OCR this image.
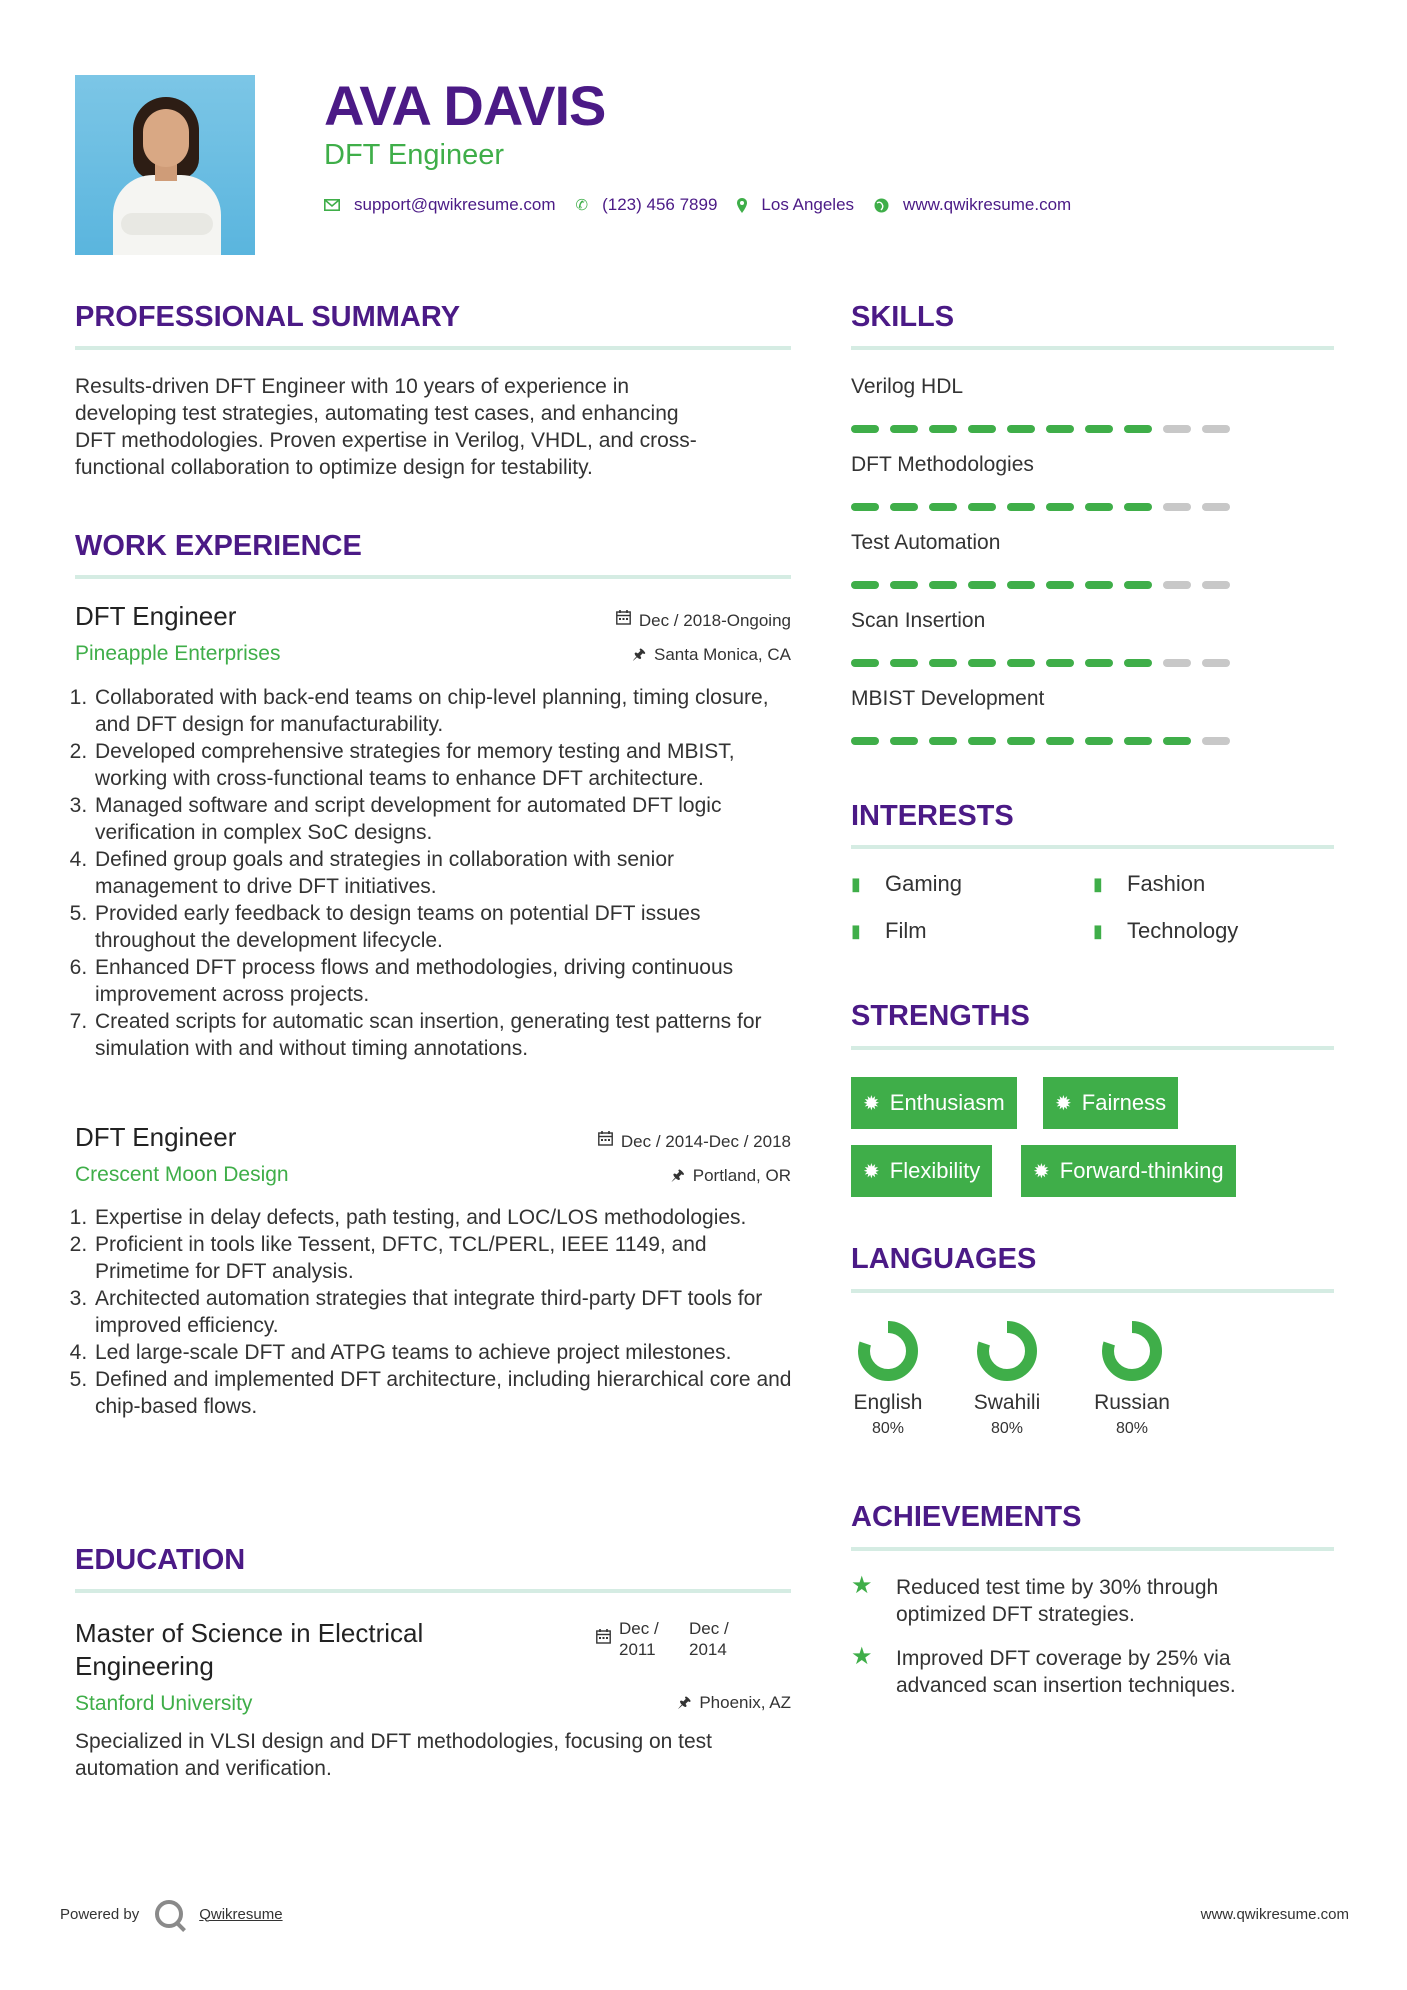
AVA DAVIS
DFT Engineer
support@qwikresume.com ✆ (123) 456 7899	Los Angeles	www.qwikresume.com
PROFESSIONAL SUMMARY
Results-driven DFT Engineer with 10 years of experience in
developing test strategies, automating test cases, and enhancing
DFT methodologies. Proven expertise in Verilog, VHDL, and cross-
functional collaboration to optimize design for testability.
WORK EXPERIENCE
DFT Engineer	Dec / 2018-Ongoing
Pineapple Enterprises	🖈 Santa Monica, CA
1. Collaborated with back-end teams on chip-level planning, timing closure, and DFT design for manufacturability.
2. Developed comprehensive strategies for memory testing and MBIST, working with cross-functional teams to enhance DFT architecture.
3. Managed software and script development for automated DFT logic verification in complex SoC designs.
4. Defined group goals and strategies in collaboration with senior management to drive DFT initiatives.
5. Provided early feedback to design teams on potential DFT issues throughout the development lifecycle.
6. Enhanced DFT process flows and methodologies, driving continuous improvement across projects.
7. Created scripts for automatic scan insertion, generating test patterns for simulation with and without timing annotations.
DFT Engineer	Dec / 2014-Dec / 2018
Crescent Moon Design	🖈 Portland, OR
1. Expertise in delay defects, path testing, and LOC/LOS methodologies.
2. Proficient in tools like Tessent, DFTC, TCL/PERL, IEEE 1149, and Primetime for DFT analysis.
3. Architected automation strategies that integrate third-party DFT tools for improved efficiency.
4. Led large-scale DFT and ATPG teams to achieve project milestones.
5. Defined and implemented DFT architecture, including hierarchical core and chip-based flows.
EDUCATION
Master of Science in Electrical
Engineering
Dec /
2011
Dec /
2014
Stanford University	🖈 Phoenix, AZ
Specialized in VLSI design and DFT methodologies, focusing on test
automation and verification.
SKILLS
Verilog HDL
DFT Methodologies
Test Automation
Scan Insertion
MBIST Development
INTERESTS
▮	Gaming	▮	Fashion
▮	Film	▮	Technology
STRENGTHS
✹ Enthusiasm	✹ Fairness
✹ Flexibility	✹ Forward-thinking
LANGUAGES
English
80%
Swahili
80%
Russian
80%
ACHIEVEMENTS
★	Reduced test time by 30% through
optimized DFT strategies.
★	Improved DFT coverage by 25% via
advanced scan insertion techniques.
Powered by	Qwikresume	www.qwikresume.com
